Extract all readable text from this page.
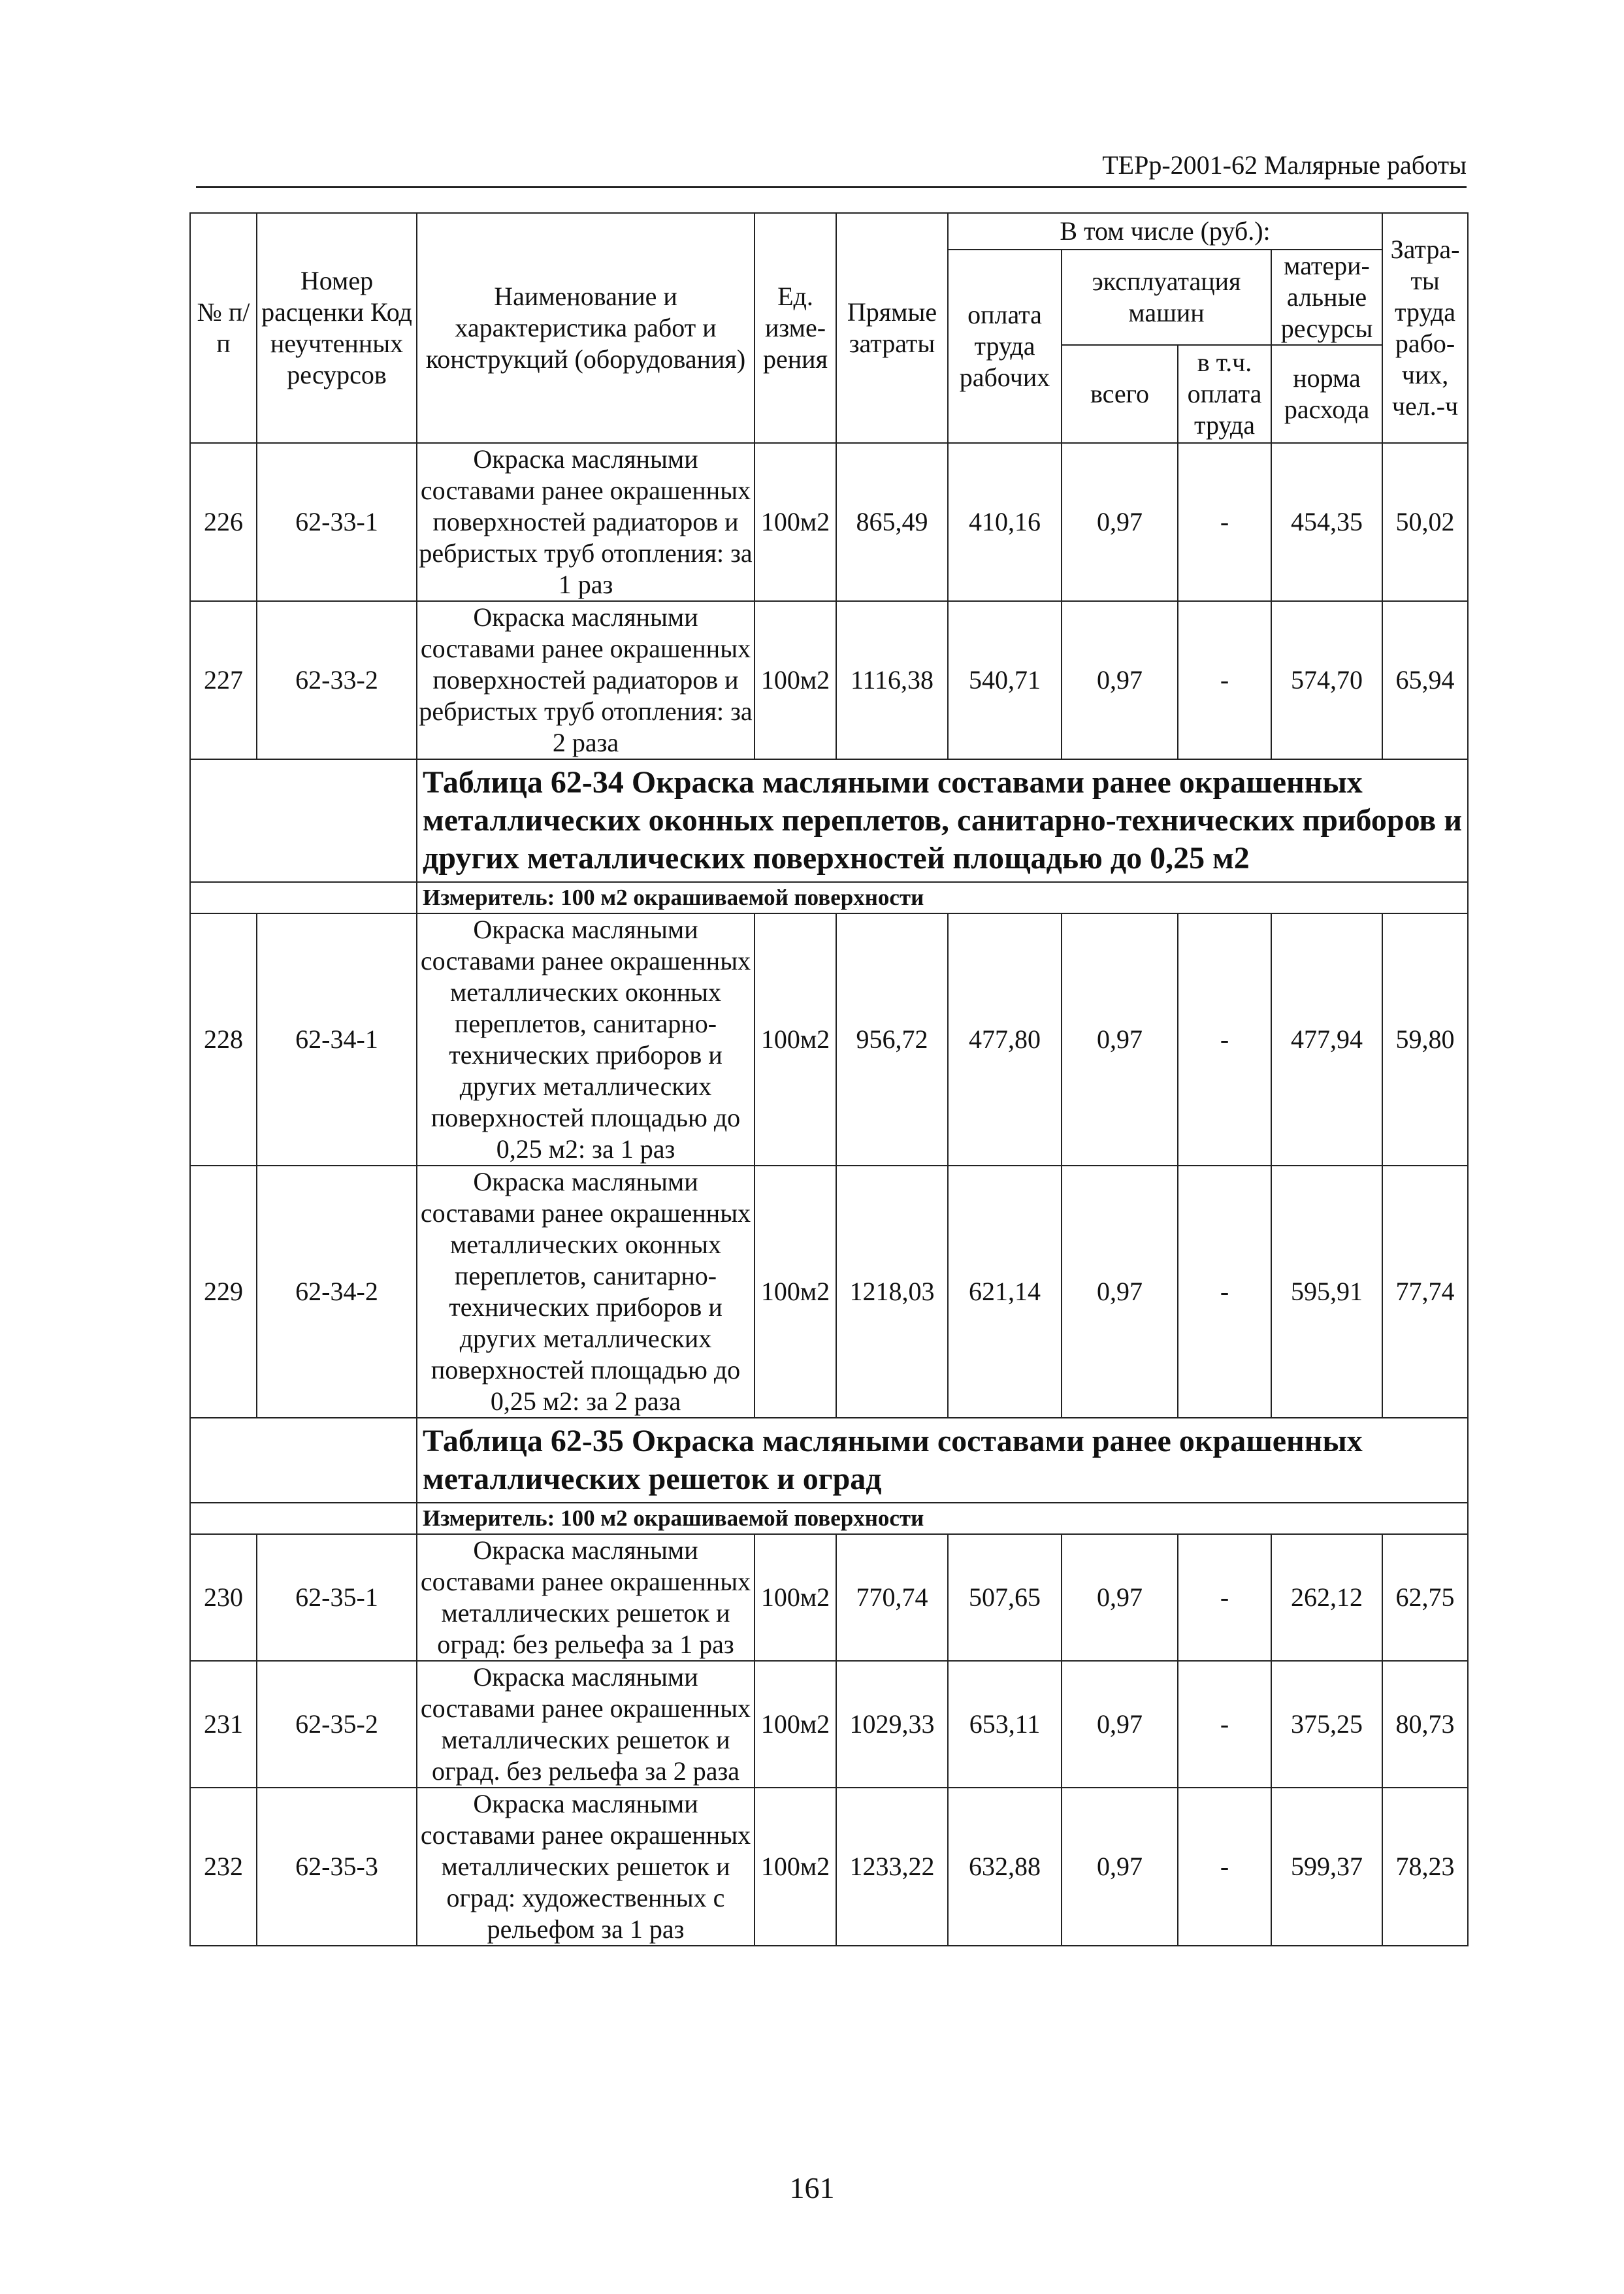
ТЕРр-2001-62 Малярные работы
№ п/п	Номер расценки Код неучтенных ресурсов	Наименование и характеристика работ и конструкций (оборудования)	Ед. изме-рения	Прямые затраты	В том числе (руб.):				Затра-ты труда рабо-чих, чел.-ч
					оплата труда рабочих	эксплуатация машин		матери-альные ресурсы	
						всего	в т.ч. оплата труда	норма расхода	

226	62-33-1	Окраска масляными составами ранее окрашенных поверхностей радиаторов и ребристых труб отопления: за 1 раз	100м2	865,49	410,16	0,97	-	454,35	50,02
227	62-33-2	Окраска масляными составами ранее окрашенных поверхностей радиаторов и ребристых труб отопления: за 2 раза	100м2	1116,38	540,71	0,97	-	574,70	65,94
		Таблица 62-34 Окраска масляными составами ранее окрашенных металлических оконных переплетов, санитарно-технических приборов и других металлических поверхностей площадью до 0,25 м2							
		Измеритель: 100 м2 окрашиваемой поверхности							
228	62-34-1	Окраска масляными составами ранее окрашенных металлических оконных переплетов, санитарно-технических приборов и других металлических поверхностей площадью до 0,25 м2: за 1 раз	100м2	956,72	477,80	0,97	-	477,94	59,80
229	62-34-2	Окраска масляными составами ранее окрашенных металлических оконных переплетов, санитарно-технических приборов и других металлических поверхностей площадью до 0,25 м2: за 2 раза	100м2	1218,03	621,14	0,97	-	595,91	77,74
		Таблица 62-35 Окраска масляными составами ранее окрашенных металлических решеток и оград							
		Измеритель: 100 м2 окрашиваемой поверхности							
230	62-35-1	Окраска масляными составами ранее окрашенных металлических решеток и оград: без рельефа за 1 раз	100м2	770,74	507,65	0,97	-	262,12	62,75
231	62-35-2	Окраска масляными составами ранее окрашенных металлических решеток и оград. без рельефа за 2 раза	100м2	1029,33	653,11	0,97	-	375,25	80,73
232	62-35-3	Окраска масляными составами ранее окрашенных металлических решеток и оград: художественных с рельефом за 1 раз	100м2	1233,22	632,88	0,97	-	599,37	78,23
161
